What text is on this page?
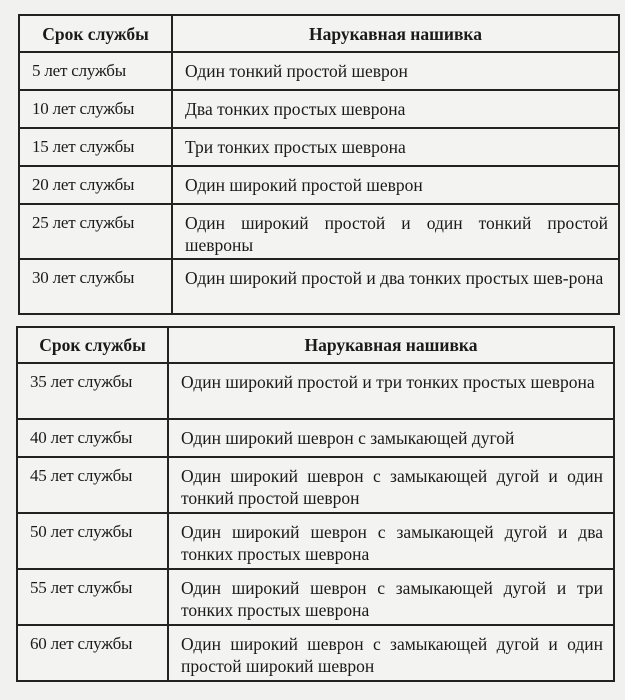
Срок службы	Нарукавная нашивка
5 лет службы	Один тонкий простой шеврон
10 лет службы	Два тонких простых шеврона
15 лет службы	Три тонких простых шеврона
20 лет службы	Один широкий простой шеврон
25 лет службы	Один широкий простой и один тонкий простой шевроны
30 лет службы	Один широкий простой и два тонких простых шев-рона
Срок службы	Нарукавная нашивка
35 лет службы	Один широкий простой и три тонких простых шеврона
40 лет службы	Один широкий шеврон с замыкающей дугой
45 лет службы	Один широкий шеврон с замыкающей дугой и один тонкий простой шеврон
50 лет службы	Один широкий шеврон с замыкающей дугой и два тонких простых шеврона
55 лет службы	Один широкий шеврон с замыкающей дугой и три тонких простых шеврона
60 лет службы	Один широкий шеврон с замыкающей дугой и один простой широкий шеврон
